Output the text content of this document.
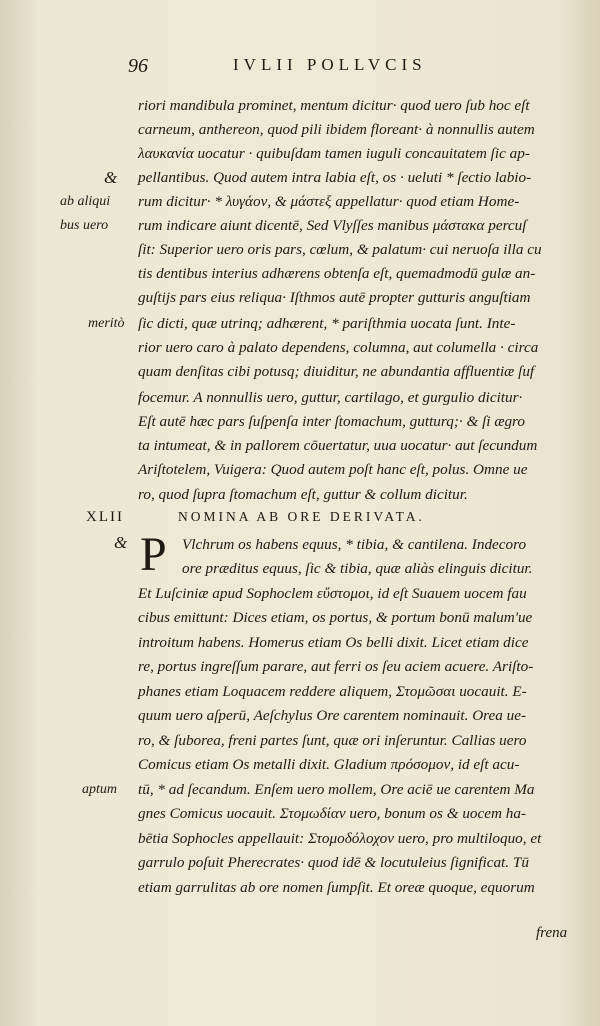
96	IVLII POLLVCIS
&
ab aliqui
bus uero
meritò
riori mandibula prominet, mentum dicitur· quod uero ſub hoc eſt
carneum, anthereon, quod pili ibidem floreant· à nonnullis autem
λαυκανία uocatur · quibuſdam tamen iuguli concauitatem ſic ap-
pellantibus. Quod autem intra labia eſt, os · ueluti * ſectio labio-
rum dicitur· * λυγάον, & μάστεξ appellatur· quod etiam Home-
rum indicare aiunt dicentē, Sed Vlyſſes manibus μάστακα percuſ
ſit: Superior uero oris pars, cœlum, & palatum· cui neruoſa illa cu
tis dentibus interius adhærens obtenſa eſt, quemadmodū gulæ an-
guſtijs pars eius reliqua· Iſthmos autē propter gutturis anguſtiam
ſic dicti, quæ utrinq; adhærent, * pariſthmia uocata ſunt. Inte-
rior uero caro à palato dependens, columna, aut columella · circa
quam denſitas cibi potusq; diuiditur, ne abundantia affluentiæ ſuf
focemur. A nonnullis uero, guttur, cartilago, et gurgulio dicitur·
Eſt autē hæc pars ſuſpenſa inter ſtomachum, gutturq;· & ſi ægro
ta intumeat, & in pallorem cōuertatur, uua uocatur· aut ſecundum
Ariſtotelem, Vuigera: Quod autem poſt hanc eſt, polus. Omne ue
ro, quod ſupra ſtomachum eſt, guttur & collum dicitur.
XLII	NOMINA AB ORE DERIVATA.
& P Vlchrum os habens equus, * tibia, & cantilena. Indecoro
ore præditus equus, ſic & tibia, quæ aliàs elinguis dicitur.
Et Luſciniæ apud Sophoclem εὔστομοι, id eſt Suauem uocem fau
cibus emittunt: Dices etiam, os portus, & portum bonū malum'ue
introitum habens. Homerus etiam Os belli dixit. Licet etiam dice
re, portus ingreſſum parare, aut ferri os ſeu aciem acuere. Ariſto-
phanes etiam Loquacem reddere aliquem, Στομῶσαι uocauit. E-
quum uero aſperū, Aeſchylus Ore carentem nominauit. Orea ue-
ro, & ſuborea, freni partes ſunt, quæ ori inſeruntur. Callias uero
Comicus etiam Os metalli dixit. Gladium πρόσομον, id eſt acu-
aptum	tū, * ad ſecandum. Enſem uero mollem, Ore aciē ue carentem Ma
gnes Comicus uocauit. Στομωδίαν uero, bonum os & uocem ha-
bētia Sophocles appellauit: Στομοδόλοχον uero, pro multiloquo, et
garrulo poſuit Pherecrates· quod idē & locutuleius ſignificat. Tū
etiam garrulitas ab ore nomen ſumpſit. Et oreæ quoque, equorum
frena
